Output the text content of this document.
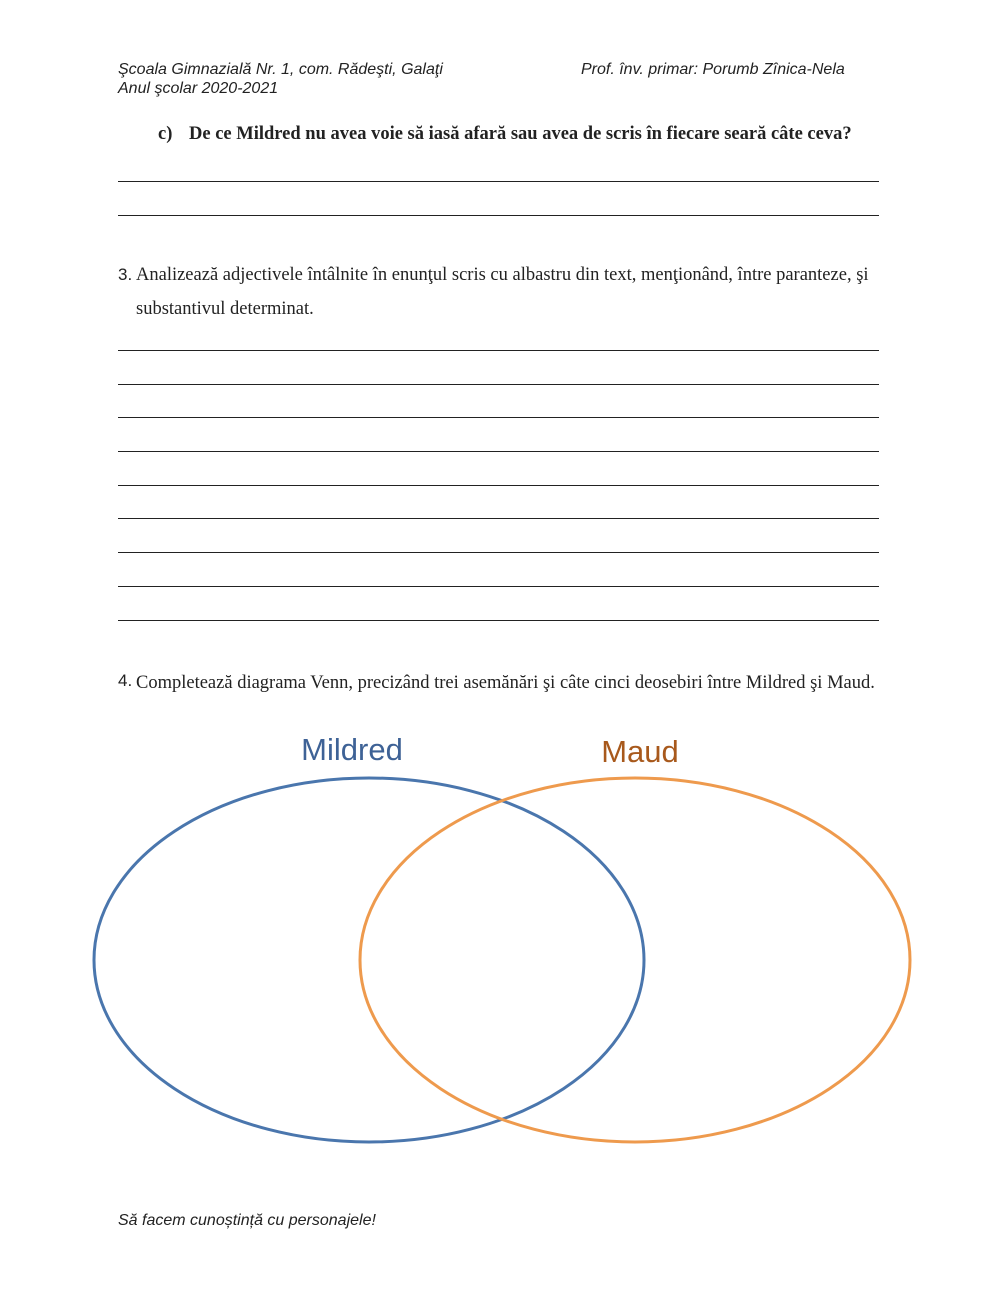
Şcoala Gimnazială Nr. 1, com. Rădeşti, Galaţi	Prof. înv. primar: Porumb Zînica-Nela
Anul şcolar 2020-2021
c) De ce Mildred nu avea voie să iasă afară sau avea de scris în fiecare seară câte ceva?
3. Analizează adjectivele întâlnite în enunţul scris cu albastru din text, menţionând, între paranteze, şi
substantivul determinat.
4. Completează diagrama Venn, precizând trei asemănări şi câte cinci deosebiri între Mildred şi Maud.
Mildred	Maud
Să facem cunoștință cu personajele!
